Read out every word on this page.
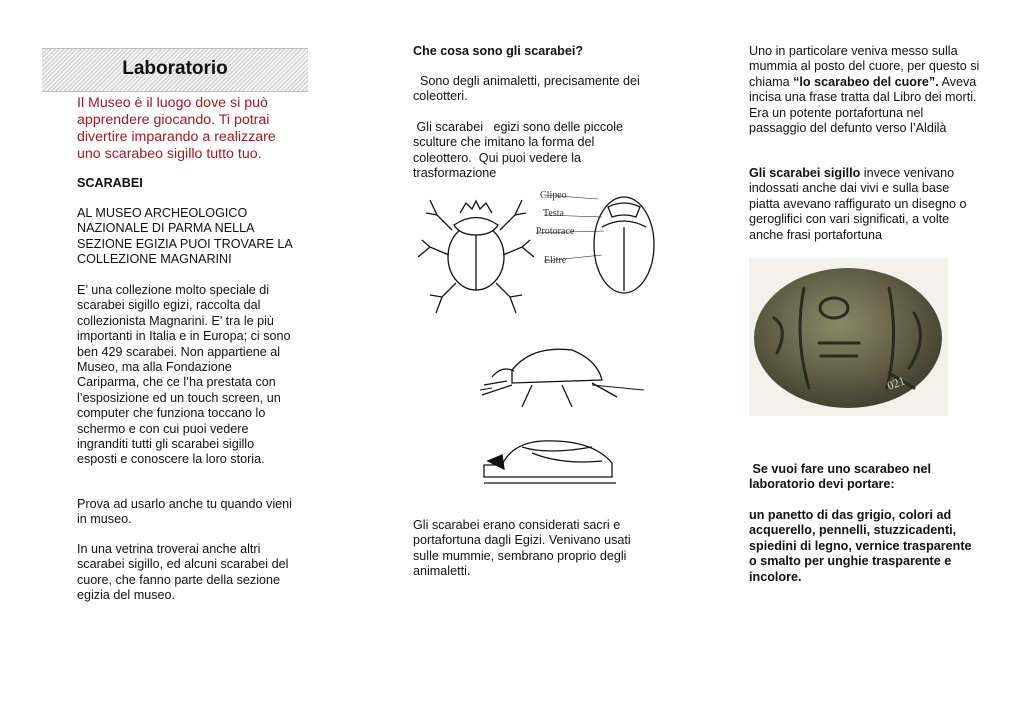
Laboratorio

Il Museo è il luogo dove si può apprendere giocando. Ti potrai divertire imparando a realizzare uno scarabeo sigillo tutto tuo.

SCARABEI

AL MUSEO ARCHEOLOGICO NAZIONALE DI PARMA NELLA SEZIONE EGIZIA PUOI TROVARE LA COLLEZIONE MAGNARINI

E’ una collezione molto speciale di scarabei sigillo egizi, raccolta dal collezionista Magnarini. E’ tra le più importanti in Italia e in Europa; ci sono ben 429 scarabei. Non appartiene al Museo, ma alla Fondazione Cariparma, che ce l’ha prestata con l’esposizione ed un touch screen, un computer che funziona toccano lo schermo e con cui puoi vedere ingranditi tutti gli scarabei sigillo esposti e conoscere la loro storia.

Prova ad usarlo anche tu quando vieni in museo.

In una vetrina troverai anche altri scarabei sigillo, ed alcuni scarabei del cuore, che fanno parte della sezione egizia del museo.

Che cosa sono gli scarabei?

Sono degli animaletti, precisamente dei coleotteri.

Gli scarabei   egizi sono delle piccole sculture che imitano la forma del coleottero.  Qui puoi vedere la trasformazione

Gli scarabei erano considerati sacri e portafortuna dagli Egizi. Venivano usati sulle mummie, sembrano proprio degli animaletti.

Clipeo
Testa
Protorace
Elitre

Uno in particolare veniva messo sulla mummia al posto del cuore, per questo si chiama “lo scarabeo del cuore”. Aveva incisa una frase tratta dal Libro dei morti. Era un potente portafortuna nel passaggio del defunto verso l’Aldilà

Gli scarabei sigillo invece venivano indossati anche dai vivi e sulla base piatta avevano raffigurato un disegno o geroglifici con vari significati, a volte anche frasi portafortuna

Se vuoi fare uno scarabeo nel laboratorio devi portare:

un panetto di das grigio, colori ad acquerello, pennelli, stuzzicadenti, spiedini di legno, vernice trasparente o smalto per unghie trasparente e incolore.

021
